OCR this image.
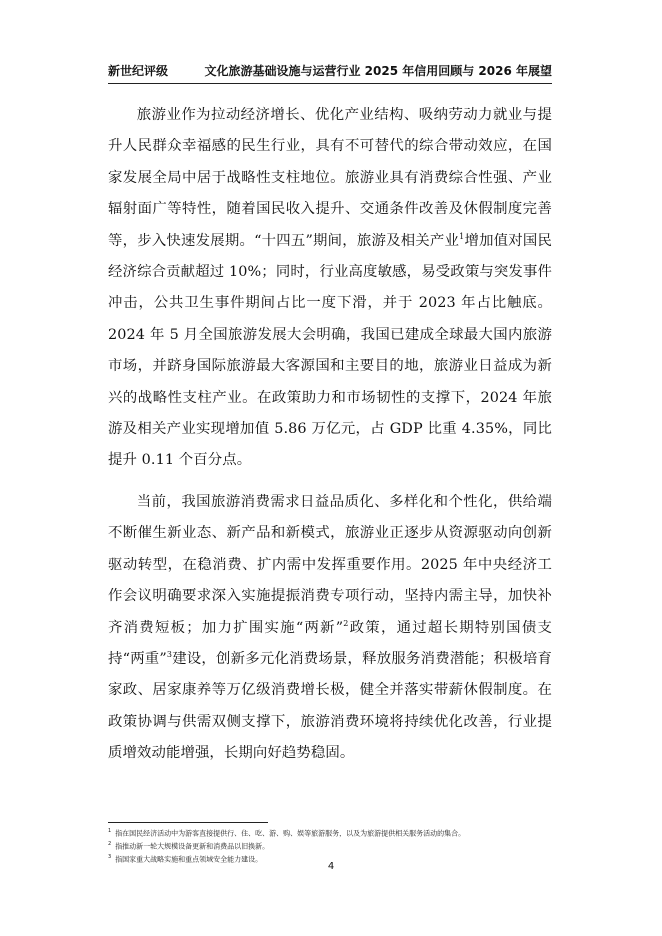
新世纪评级	文化旅游基础设施与运营行业 2025 年信用回顾与 2026 年展望

旅游业作为拉动经济增长、优化产业结构、吸纳劳动力就业与提升人民群众幸福感的民生行业，具有不可替代的综合带动效应，在国家发展全局中居于战略性支柱地位。旅游业具有消费综合性强、产业辐射面广等特性，随着国民收入提升、交通条件改善及休假制度完善等，步入快速发展期。“十四五”期间，旅游及相关产业$^1$增加值对国民经济综合贡献超过 10%；同时，行业高度敏感，易受政策与突发事件冲击，公共卫生事件期间占比一度下滑，并于 2023 年占比触底。2024 年 5 月全国旅游发展大会明确，我国已建成全球最大国内旅游市场，并跻身国际旅游最大客源国和主要目的地，旅游业日益成为新兴的战略性支柱产业。在政策助力和市场韧性的支撑下，2024 年旅游及相关产业实现增加值 5.86 万亿元，占 GDP 比重 4.35%，同比提升 0.11 个百分点。

当前，我国旅游消费需求日益品质化、多样化和个性化，供给端不断催生新业态、新产品和新模式，旅游业正逐步从资源驱动向创新驱动转型，在稳消费、扩内需中发挥重要作用。2025 年中央经济工作会议明确要求深入实施提振消费专项行动，坚持内需主导，加快补齐消费短板；加力扩围实施“两新”$^2$政策，通过超长期特别国债支持“两重”$^3$建设，创新多元化消费场景，释放服务消费潜能；积极培育家政、居家康养等万亿级消费增长极，健全并落实带薪休假制度。在政策协调与供需双侧支撑下，旅游消费环境将持续优化改善，行业提质增效动能增强，长期向好趋势稳固。

$^1$ 指在国民经济活动中为游客直接提供行、住、吃、游、购、娱等旅游服务，以及为旅游提供相关服务活动的集合。
$^2$ 指推动新一轮大规模设备更新和消费品以旧换新。
$^3$ 指国家重大战略实施和重点领域安全能力建设。
4
